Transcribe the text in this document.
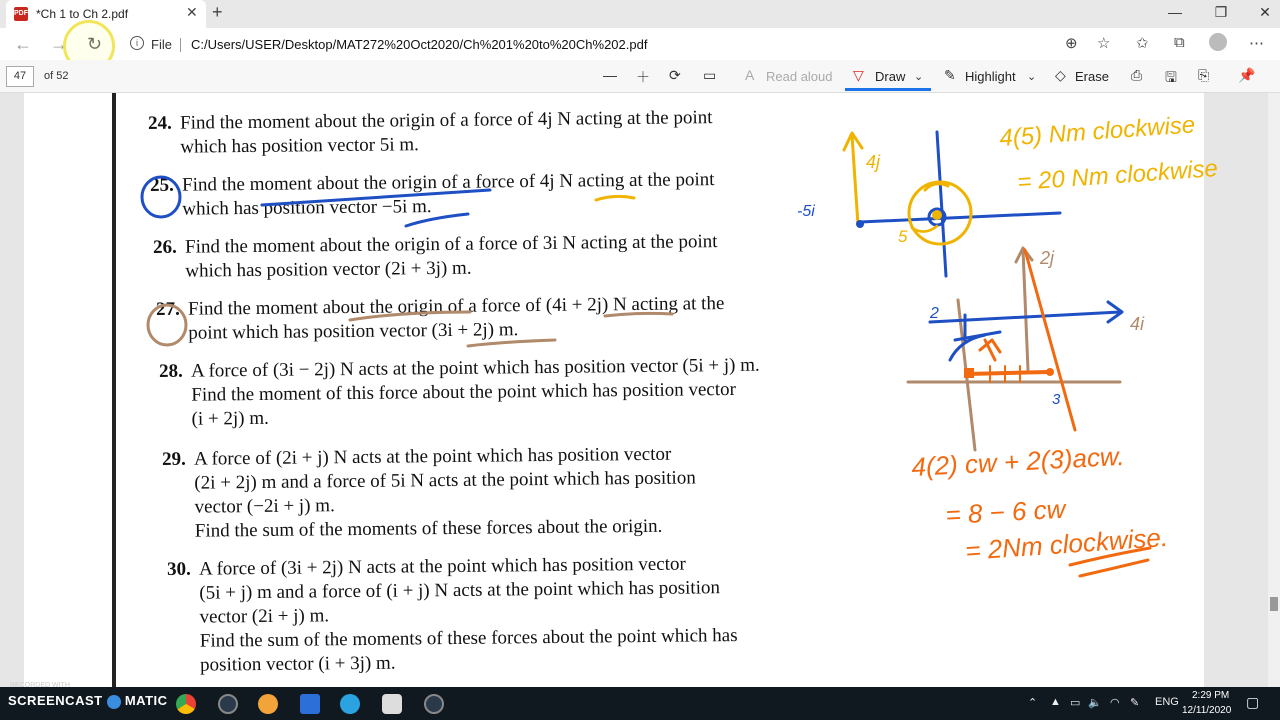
PDF *Ch 1 to Ch 2.pdf	✕ +	—	❐	✕
← → ↻	i	File C:/Users/USER/Desktop/MAT272%20Oct2020/Ch%201%20to%20Ch%202.pdf	⊕ ☆ ✩ ⧉	⋯
47	of 52	— ＋ ⟳ ▭ A Read aloud ▽ Draw ⌄ ✎ Highlight ⌄ ◇ Erase ⎙ 🖫 ⎘ 📌
24. Find the moment about the origin of a force of 4j N acting at the point
which has position vector 5i m.
25. Find the moment about the origin of a force of 4j N acting at the point
which has position vector −5i m.
26. Find the moment about the origin of a force of 3i N acting at the point
which has position vector (2i + 3j) m.
27. Find the moment about the origin of a force of (4i + 2j) N acting at the
point which has position vector (3i + 2j) m.
28. A force of (3i − 2j) N acts at the point which has position vector (5i + j) m.
Find the moment of this force about the point which has position vector
(i + 2j) m.
29. A force of (2i + j) N acts at the point which has position vector
(2i + 2j) m and a force of 5i N acts at the point which has position
vector (−2i + j) m.
Find the sum of the moments of these forces about the origin.
30. A force of (3i + 2j) N acts at the point which has position vector
(5i + j) m and a force of (i + j) N acts at the point which has position
vector (2i + j) m.
Find the sum of the moments of these forces about the point which has
position vector (i + 3j) m.
4(5) Nm clockwise
= 20 Nm clockwise
4j
5
-5i
2j
2
4i
3
4(2) cw + 2(3)acw.
= 8 − 6 cw
= 2Nm clockwise.
RECORDED WITH
SCREENCAST MATIC	⌃ ▲ ▭ 🔈 ◠ ✎ ENG
2:29 PM
12/11/2020
▢
